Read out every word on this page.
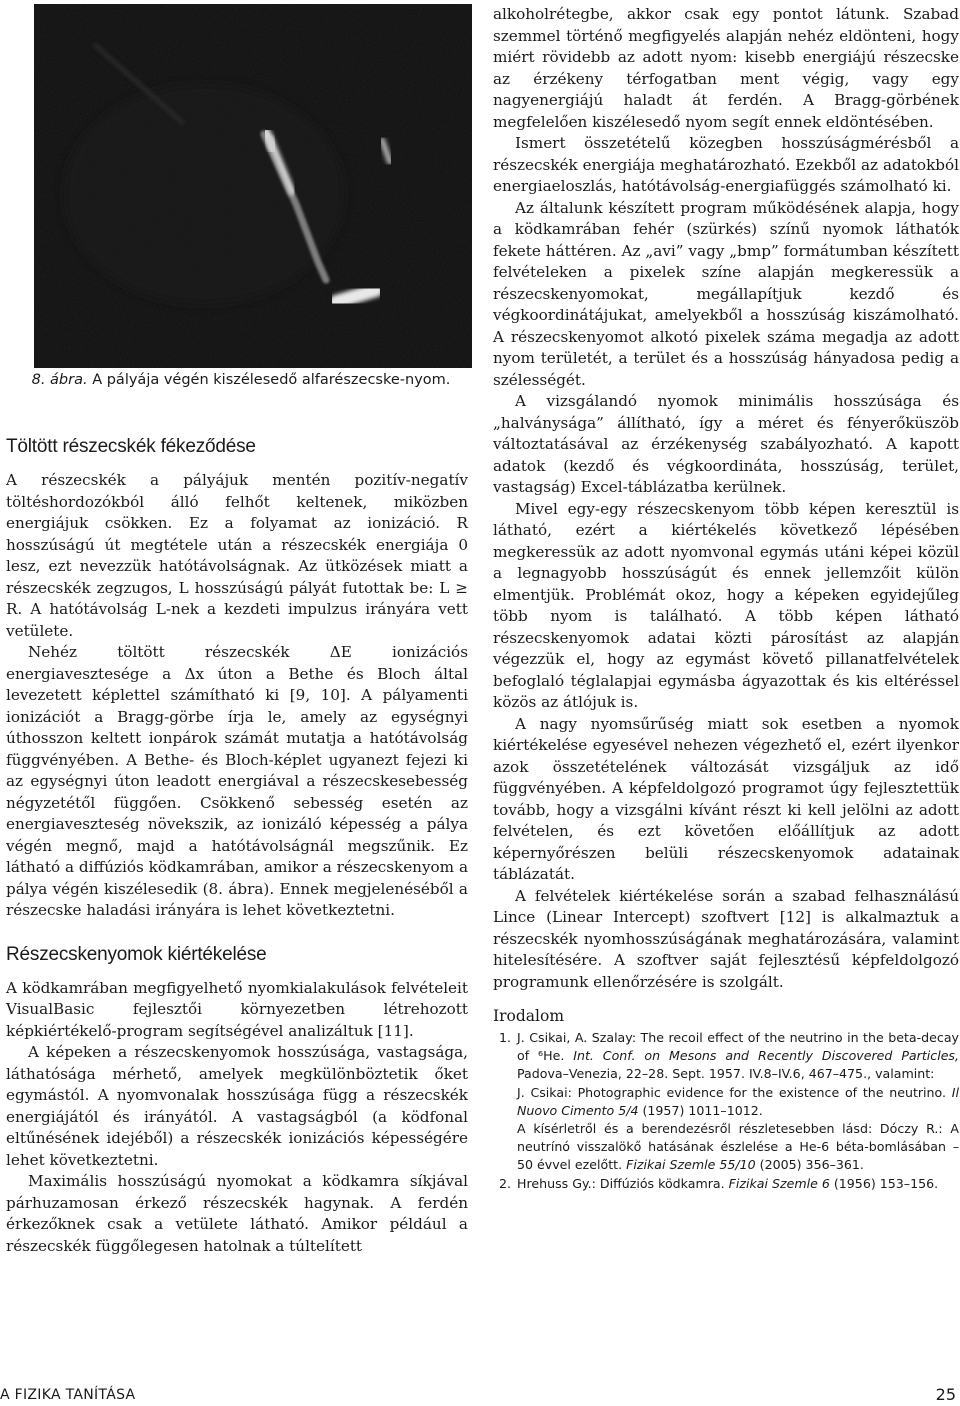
8. ábra. A pályája végén kiszélesedő alfarészecske-nyom.
Töltött részecskék fékeződése

A részecskék a pályájuk mentén pozitív-negatív töltéshordozókból álló felhőt keltenek, miközben energiájuk csökken. Ez a folyamat az ionizáció. R hosszúságú út megtétele után a részecskék energiája 0 lesz, ezt nevezzük hatótávolságnak. Az ütközések miatt a részecskék zegzugos, L hosszúságú pályát futottak be: L ≥ R. A hatótávolság L-nek a kezdeti impulzus irányára vett vetülete.

Nehéz töltött részecskék ΔE ionizációs energiavesztesége a Δx úton a Bethe és Bloch által levezetett képlettel számítható ki [9, 10]. A pályamenti ionizációt a Bragg-görbe írja le, amely az egységnyi úthosszon keltett ionpárok számát mutatja a hatótávolság függvényében. A Bethe- és Bloch-képlet ugyanezt fejezi ki az egységnyi úton leadott energiával a részecskesebesség négyzetétől függően. Csökkenő sebesség esetén az energiaveszteség növekszik, az ionizáló képesség a pálya végén megnő, majd a hatótávolságnál megszűnik. Ez látható a diffúziós ködkamrában, amikor a részecskenyom a pálya végén kiszélesedik (8. ábra). Ennek megjelenéséből a részecske haladási irányára is lehet következtetni.

Részecskenyomok kiértékelése

A ködkamrában megfigyelhető nyomkialakulások felvételeit VisualBasic fejlesztői környezetben létrehozott képkiértékelő-program segítségével analizáltuk [11].

A képeken a részecskenyomok hosszúsága, vastagsága, láthatósága mérhető, amelyek megkülönböztetik őket egymástól. A nyomvonalak hosszúsága függ a részecskék energiájától és irányától. A vastagságból (a ködfonal eltűnésének idejéből) a részecskék ionizációs képességére lehet következtetni.

Maximális hosszúságú nyomokat a ködkamra síkjával párhuzamosan érkező részecskék hagynak. A ferdén érkezőknek csak a vetülete látható. Amikor például a részecskék függőlegesen hatolnak a túltelített

alkoholrétegbe, akkor csak egy pontot látunk. Szabad szemmel történő megfigyelés alapján nehéz eldönteni, hogy miért rövidebb az adott nyom: kisebb energiájú részecske az érzékeny térfogatban ment végig, vagy egy nagyenergiájú haladt át ferdén. A Bragg-görbének megfelelően kiszélesedő nyom segít ennek eldöntésében.

Ismert összetételű közegben hosszúságmérésből a részecskék energiája meghatározható. Ezekből az adatokból energiaeloszlás, hatótávolság-energiafüggés számolható ki.

Az általunk készített program működésének alapja, hogy a ködkamrában fehér (szürkés) színű nyomok láthatók fekete háttéren. Az „avi” vagy „bmp” formátumban készített felvételeken a pixelek színe alapján megkeressük a részecskenyomokat, megállapítjuk kezdő és végkoordinátájukat, amelyekből a hosszúság kiszámolható. A részecskenyomot alkotó pixelek száma megadja az adott nyom területét, a terület és a hosszúság hányadosa pedig a szélességét.

A vizsgálandó nyomok minimális hosszúsága és „halványsága” állítható, így a méret és fényerőküszöb változtatásával az érzékenység szabályozható. A kapott adatok (kezdő és végkoordináta, hosszúság, terület, vastagság) Excel-táblázatba kerülnek.

Mivel egy-egy részecskenyom több képen keresztül is látható, ezért a kiértékelés következő lépésében megkeressük az adott nyomvonal egymás utáni képei közül a legnagyobb hosszúságút és ennek jellemzőit külön elmentjük. Problémát okoz, hogy a képeken egyidejűleg több nyom is található. A több képen látható részecskenyomok adatai közti párosítást az alapján végezzük el, hogy az egymást követő pillanatfelvételek befoglaló téglalapjai egymásba ágyazottak és kis eltéréssel közös az átlójuk is.

A nagy nyomsűrűség miatt sok esetben a nyomok kiértékelése egyesével nehezen végezhető el, ezért ilyenkor azok összetételének változását vizsgáljuk az idő függvényében. A képfeldolgozó programot úgy fejlesztettük tovább, hogy a vizsgálni kívánt részt ki kell jelölni az adott felvételen, és ezt követően előállítjuk az adott képernyőrészen belüli részecskenyomok adatainak táblázatát.

A felvételek kiértékelése során a szabad felhasználású Lince (Linear Intercept) szoftvert [12] is alkalmaztuk a részecskék nyomhosszúságának meghatározására, valamint hitelesítésére. A szoftver saját fejlesztésű képfeldolgozó programunk ellenőrzésére is szolgált.

Irodalom
1. J. Csikai, A. Szalay: The recoil effect of the neutrino in the beta-decay of ⁶He. Int. Conf. on Mesons and Recently Discovered Particles, Padova–Venezia, 22–28. Sept. 1957. IV.8–IV.6, 467–475., valamint:
J. Csikai: Photographic evidence for the existence of the neutrino. Il Nuovo Cimento 5/4 (1957) 1011–1012.
A kísérletről és a berendezésről részletesebben lásd: Dóczy R.: A neutrínó visszalökő hatásának észlelése a He-6 béta-bomlásában – 50 évvel ezelőtt. Fizikai Szemle 55/10 (2005) 356–361.
2. Hrehuss Gy.: Diffúziós ködkamra. Fizikai Szemle 6 (1956) 153–156.
A FIZIKA TANÍTÁSA	25
